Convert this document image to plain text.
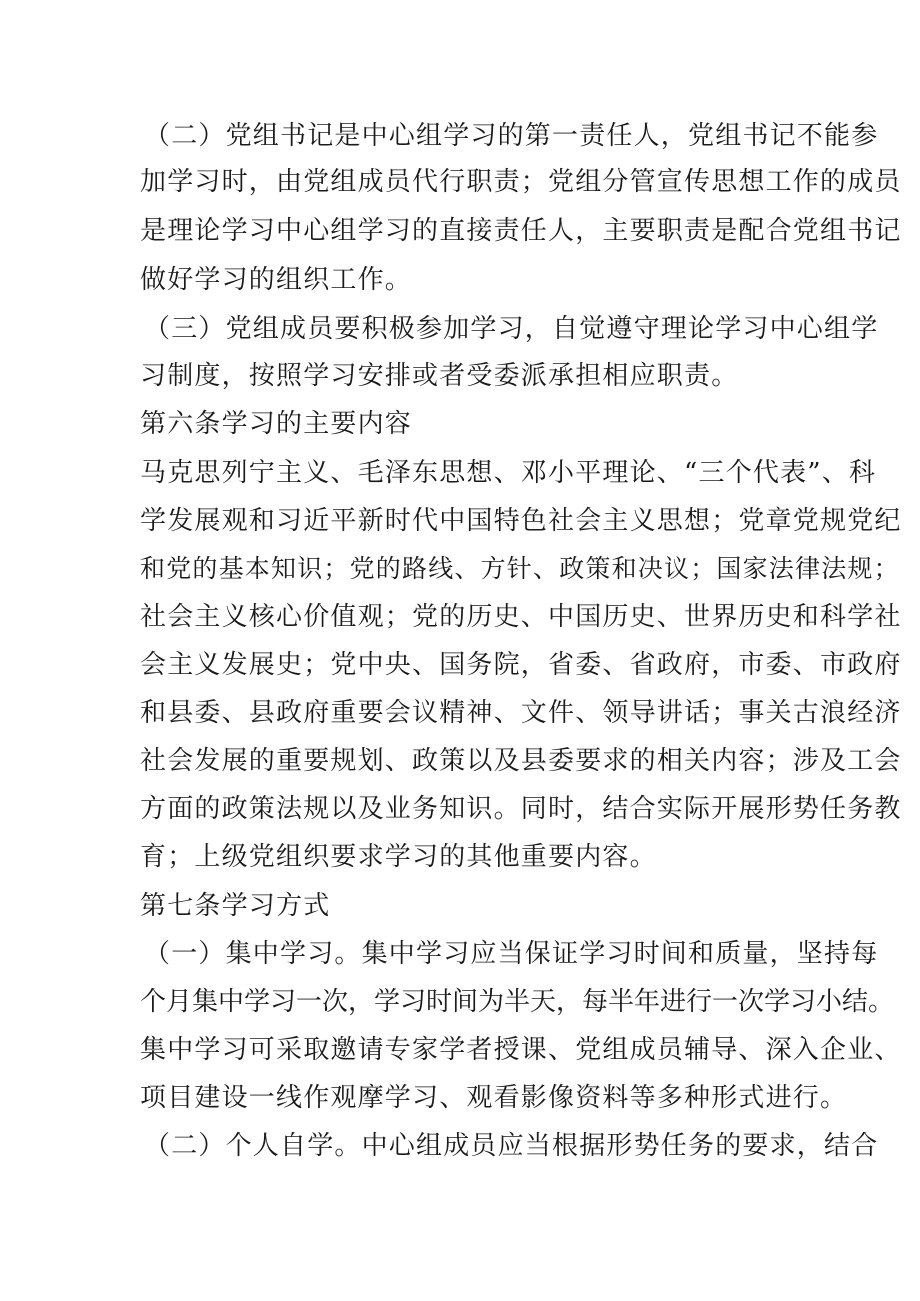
（二）党组书记是中心组学习的第一责任人，党组书记不能参
加学习时，由党组成员代行职责；党组分管宣传思想工作的成员
是理论学习中心组学习的直接责任人，主要职责是配合党组书记
做好学习的组织工作。
（三）党组成员要积极参加学习，自觉遵守理论学习中心组学
习制度，按照学习安排或者受委派承担相应职责。
第六条学习的主要内容
马克思列宁主义、毛泽东思想、邓小平理论、“三个代表”、科
学发展观和习近平新时代中国特色社会主义思想；党章党规党纪
和党的基本知识；党的路线、方针、政策和决议；国家法律法规；
社会主义核心价值观；党的历史、中国历史、世界历史和科学社
会主义发展史；党中央、国务院，省委、省政府，市委、市政府
和县委、县政府重要会议精神、文件、领导讲话；事关古浪经济
社会发展的重要规划、政策以及县委要求的相关内容；涉及工会
方面的政策法规以及业务知识。同时，结合实际开展形势任务教
育；上级党组织要求学习的其他重要内容。
第七条学习方式
（一）集中学习。集中学习应当保证学习时间和质量，坚持每
个月集中学习一次，学习时间为半天，每半年进行一次学习小结。
集中学习可采取邀请专家学者授课、党组成员辅导、深入企业、
项目建设一线作观摩学习、观看影像资料等多种形式进行。
（二）个人自学。中心组成员应当根据形势任务的要求，结合
